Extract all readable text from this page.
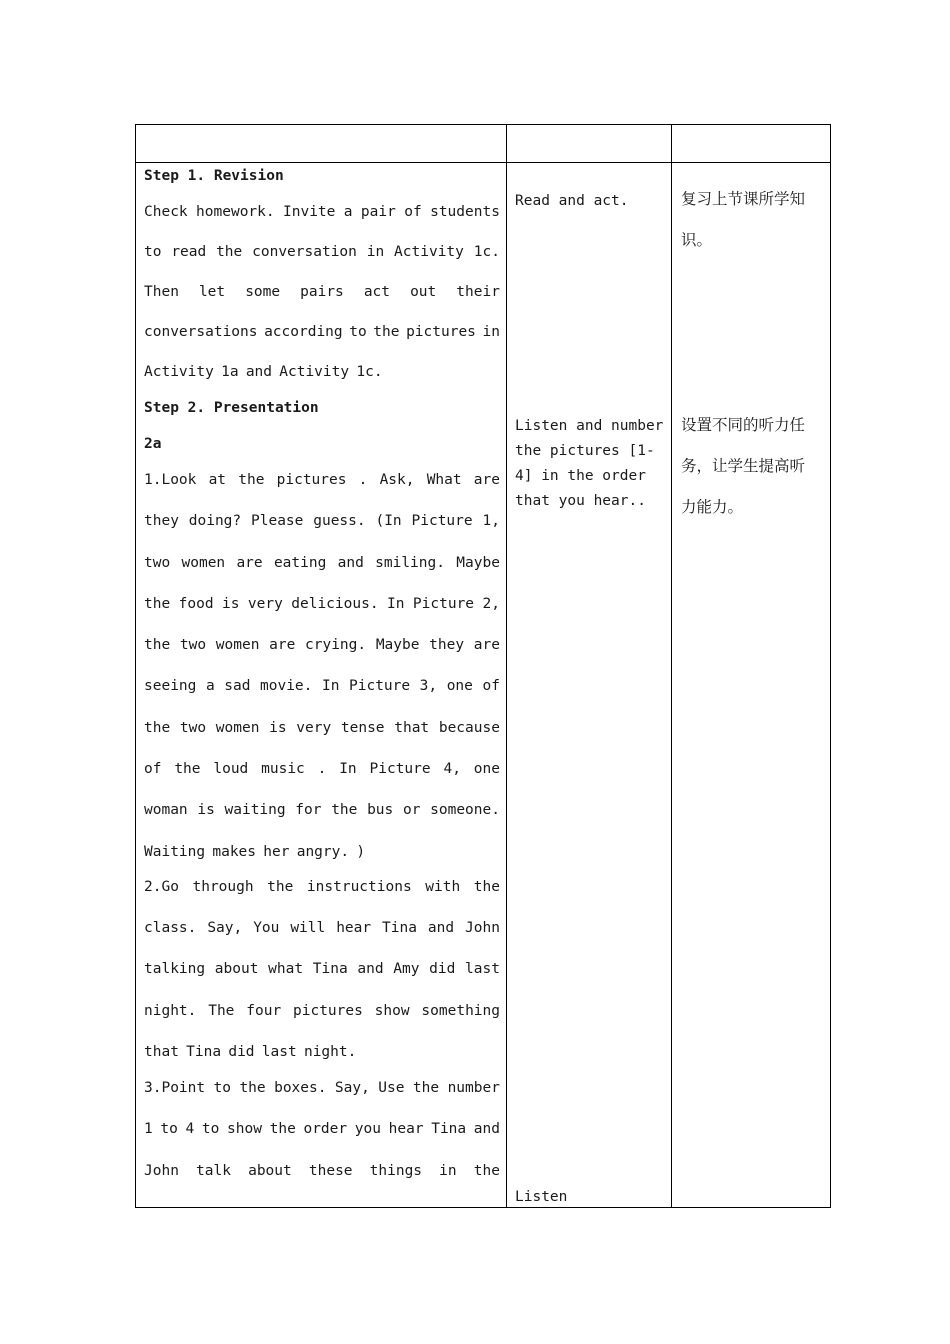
Step 1. Revision
Check homework. Invite a pair of students
to read the conversation in Activity 1c.
Then let some pairs act out their
conversations according to the pictures in
Activity 1a and Activity 1c.
Step 2. Presentation
2a
1.Look at the pictures . Ask, What are
they doing? Please guess. (In Picture 1,
two women are eating and smiling. Maybe
the food is very delicious. In Picture 2,
the two women are crying. Maybe they are
seeing a sad movie. In Picture 3, one of
the two women is very tense that because
of the loud music . In Picture 4, one
woman is waiting for the bus or someone.
Waiting makes her angry. )
2.Go through the instructions with the
class. Say, You will hear Tina and John
talking about what Tina and Amy did last
night. The four pictures show something
that Tina did last night.
3.Point to the boxes. Say, Use the number
1 to 4 to show the order you hear Tina and
John talk about these things in the
Read and act.
Listen and number
the pictures [1-
4] in the order
that you hear..
Listen
复习上节课所学知
识。
设置不同的听力任
务，让学生提高听
力能力。
